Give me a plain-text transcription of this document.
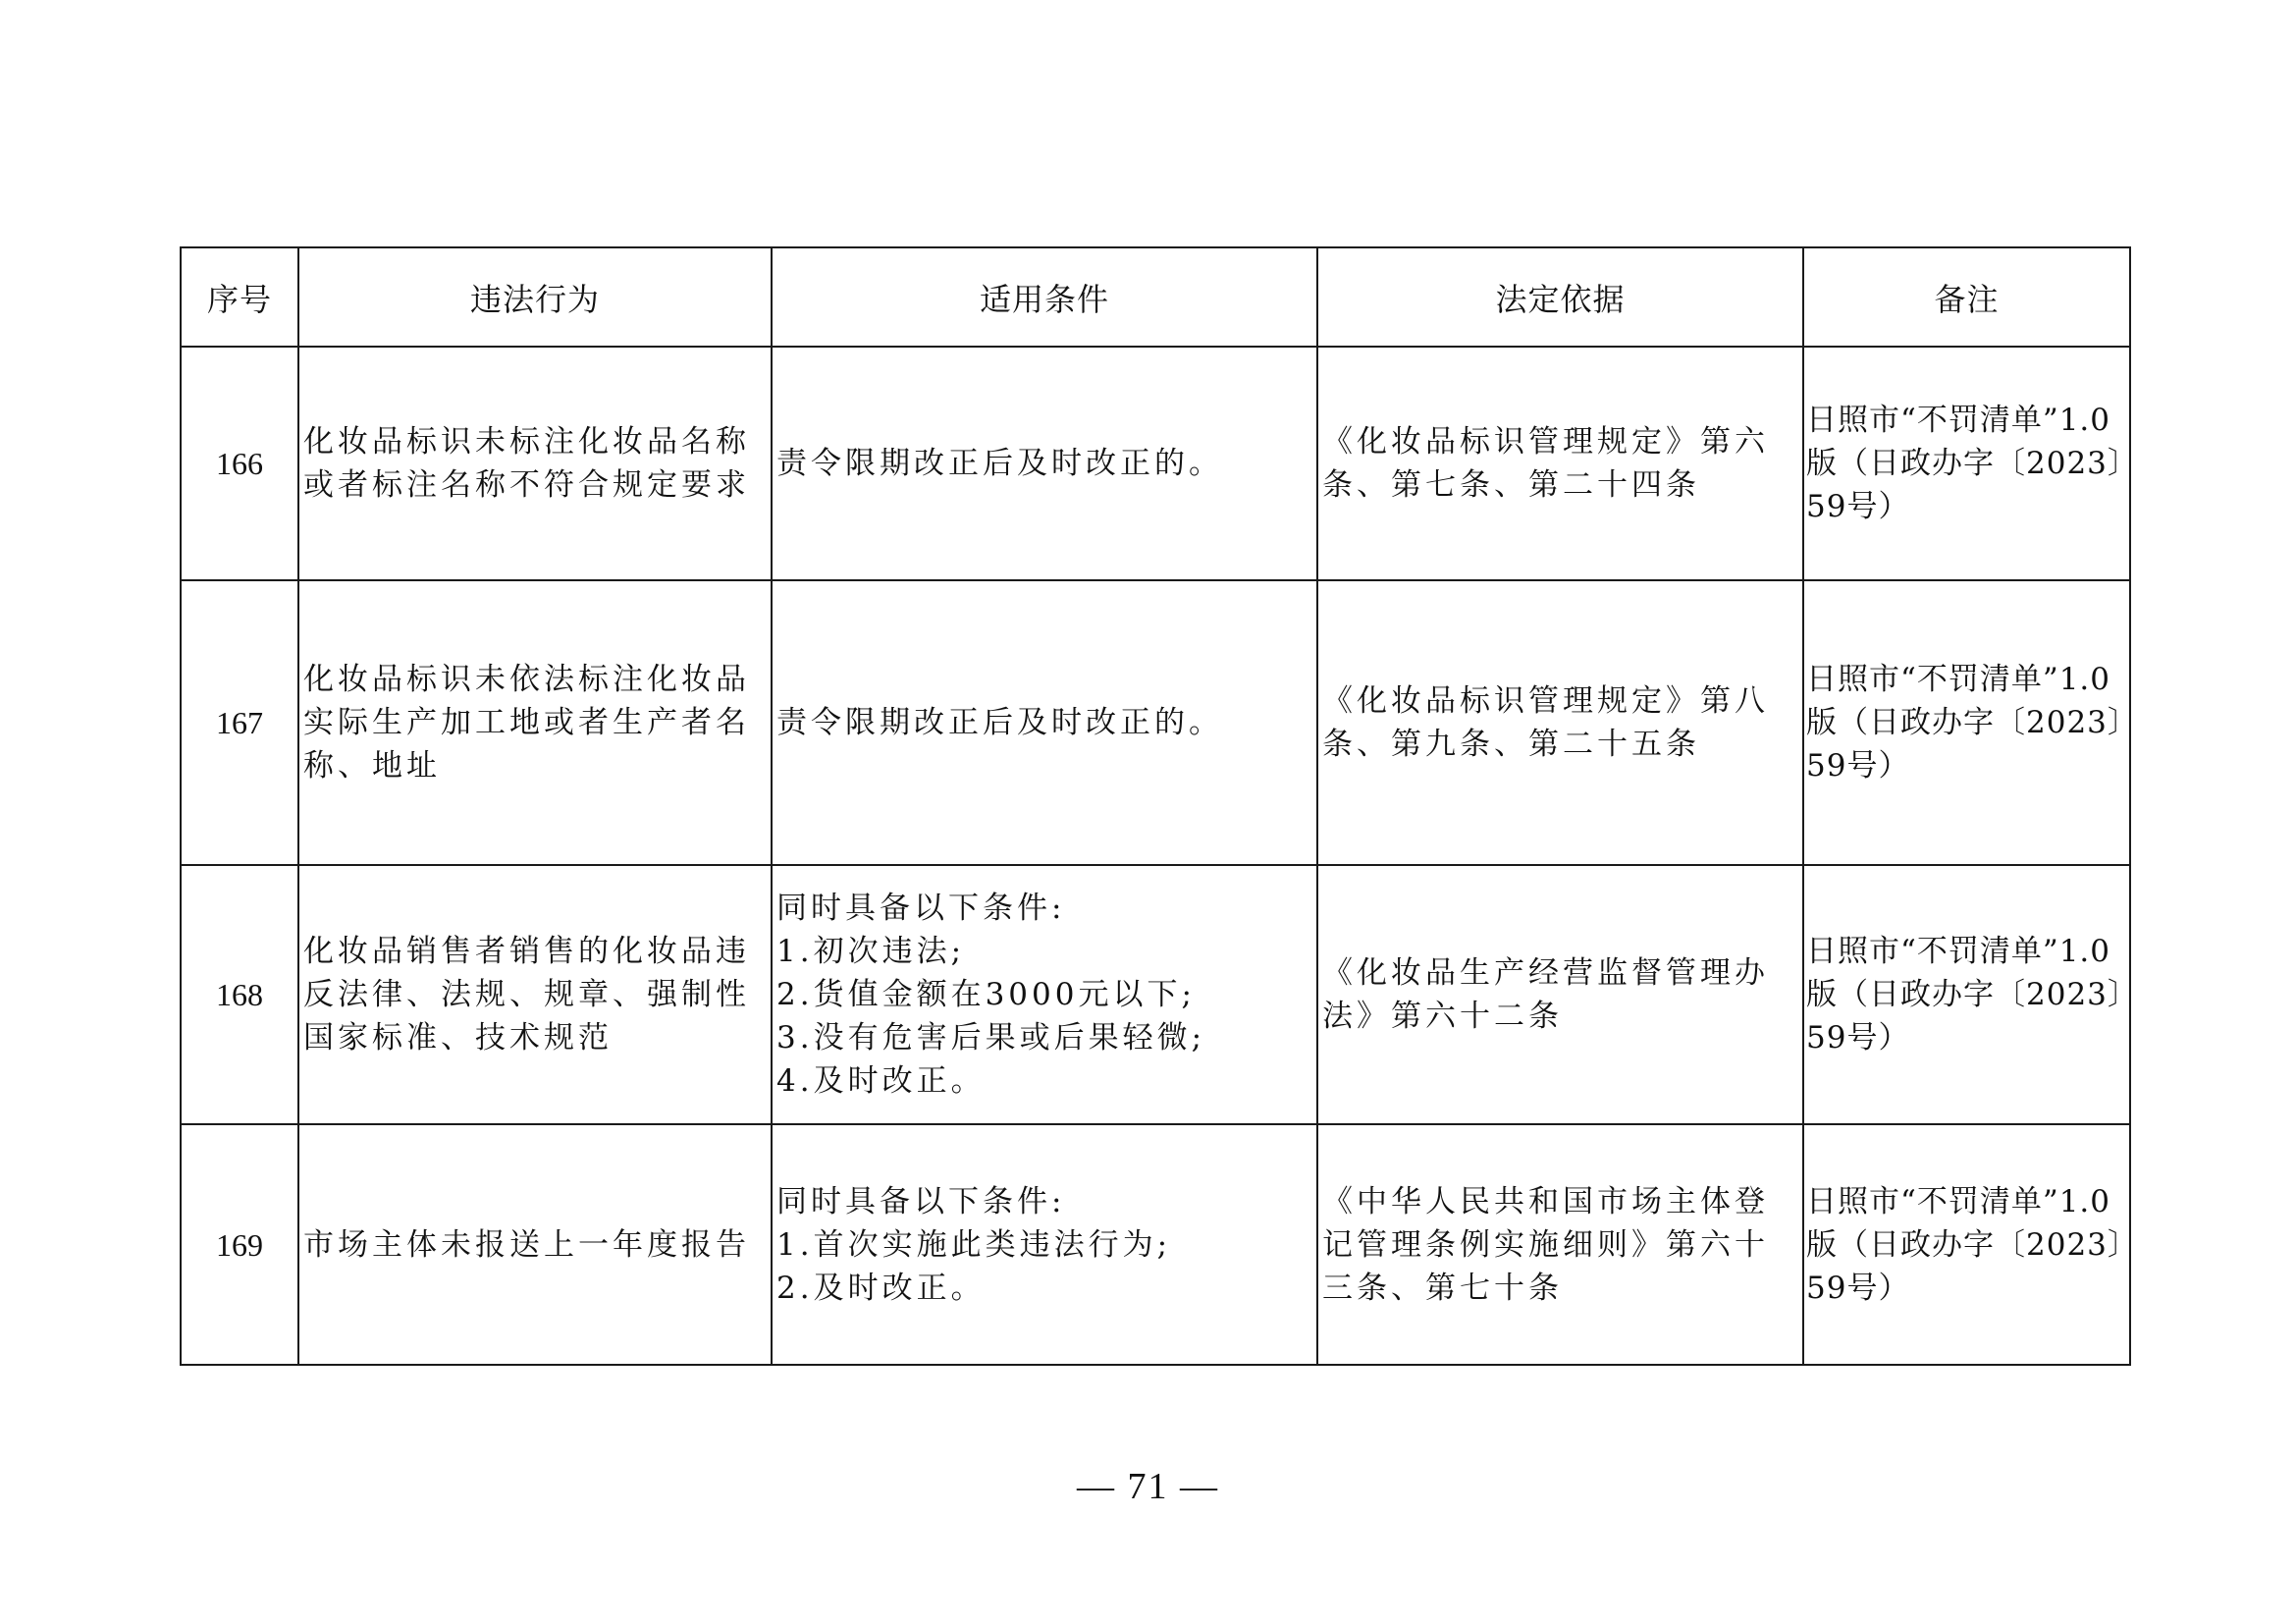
序号	违法行为	适用条件	法定依据	备注
166	化妆品标识未标注化妆品名称或者标注名称不符合规定要求	责令限期改正后及时改正的。	《化妆品标识管理规定》第六条、第七条、第二十四条	日照市“不罚清单”1.0版（日政办字〔2023〕59号）
167	化妆品标识未依法标注化妆品实际生产加工地或者生产者名称、地址	责令限期改正后及时改正的。	《化妆品标识管理规定》第八条、第九条、第二十五条	日照市“不罚清单”1.0版（日政办字〔2023〕59号）
168	化妆品销售者销售的化妆品违反法律、法规、规章、强制性国家标准、技术规范	同时具备以下条件:
1.初次违法;
2.货值金额在3000元以下;
3.没有危害后果或后果轻微;
4.及时改正。	《化妆品生产经营监督管理办法》第六十二条	日照市“不罚清单”1.0版（日政办字〔2023〕59号）
169	市场主体未报送上一年度报告	同时具备以下条件:
1.首次实施此类违法行为;
2.及时改正。	《中华人民共和国市场主体登记管理条例实施细则》第六十三条、第七十条	日照市“不罚清单”1.0版（日政办字〔2023〕59号）
— 71 —
